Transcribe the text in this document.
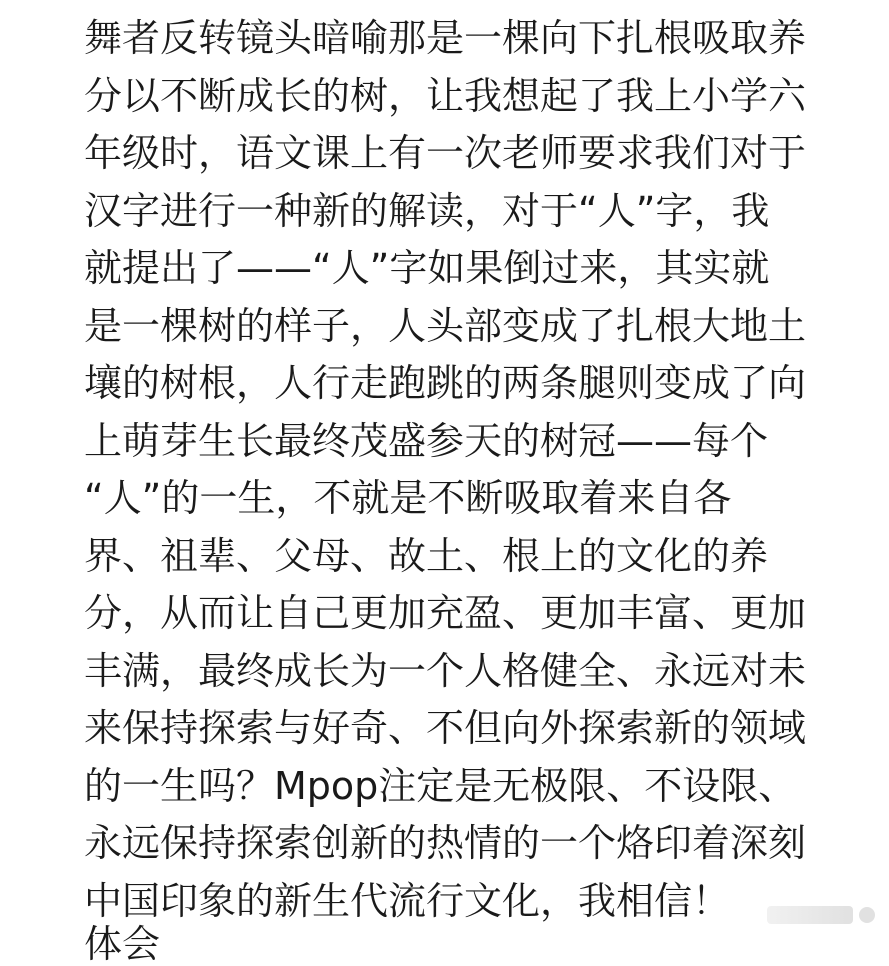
舞者反转镜头暗喻那是一棵向下扎根吸取养
分以不断成长的树，让我想起了我上小学六
年级时，语文课上有一次老师要求我们对于
汉字进行一种新的解读，对于“人”字，我
就提出了——“人”字如果倒过来，其实就
是一棵树的样子，人头部变成了扎根大地土
壤的树根，人行走跑跳的两条腿则变成了向
上萌芽生长最终茂盛参天的树冠——每个
“人”的一生，不就是不断吸取着来自各
界、祖辈、父母、故土、根上的文化的养
分，从而让自己更加充盈、更加丰富、更加
丰满，最终成长为一个人格健全、永远对未
来保持探索与好奇、不但向外探索新的领域
的一生吗？Mpop注定是无极限、不设限、
永远保持探索创新的热情的一个烙印着深刻
中国印象的新生代流行文化，我相信！
体会
